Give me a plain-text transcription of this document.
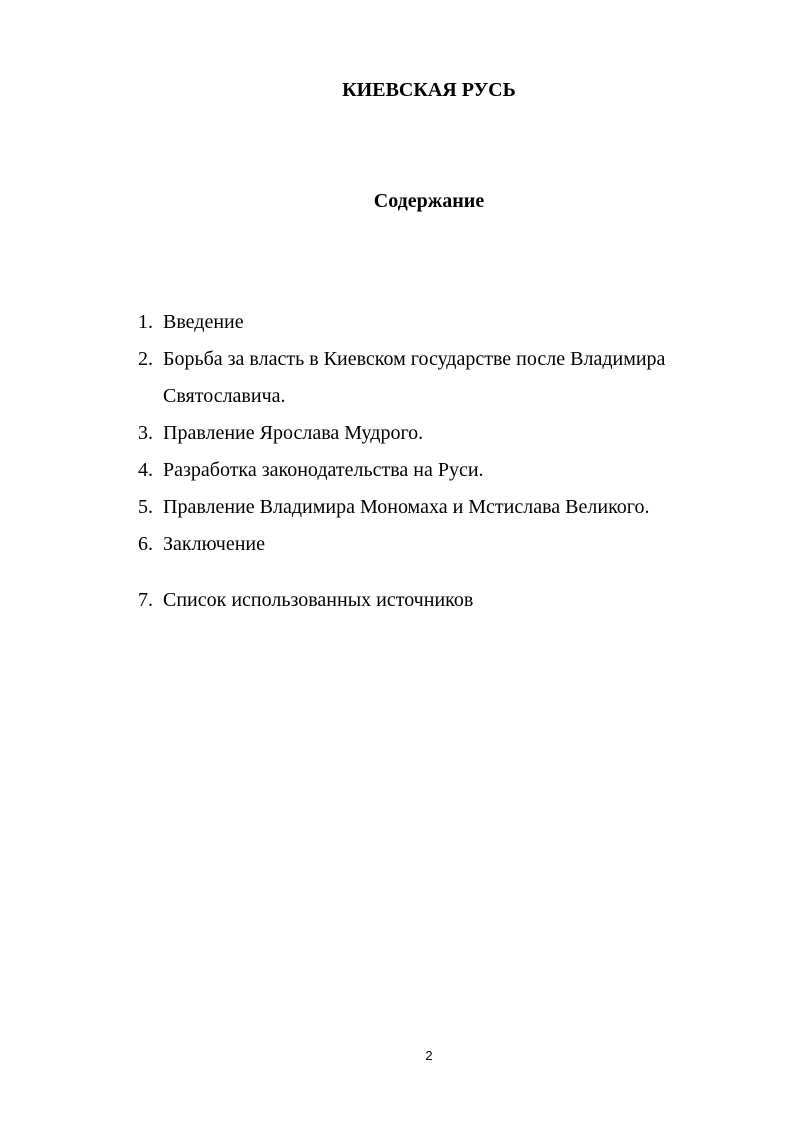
КИЕВСКАЯ РУСЬ
Содержание
1. Введение
2. Борьба за власть в Киевском государстве после Владимира Святославича.
3. Правление Ярослава Мудрого.
4. Разработка законодательства на Руси.
5. Правление Владимира Мономаха и Мстислава Великого.
6. Заключение
7. Список использованных источников
2
